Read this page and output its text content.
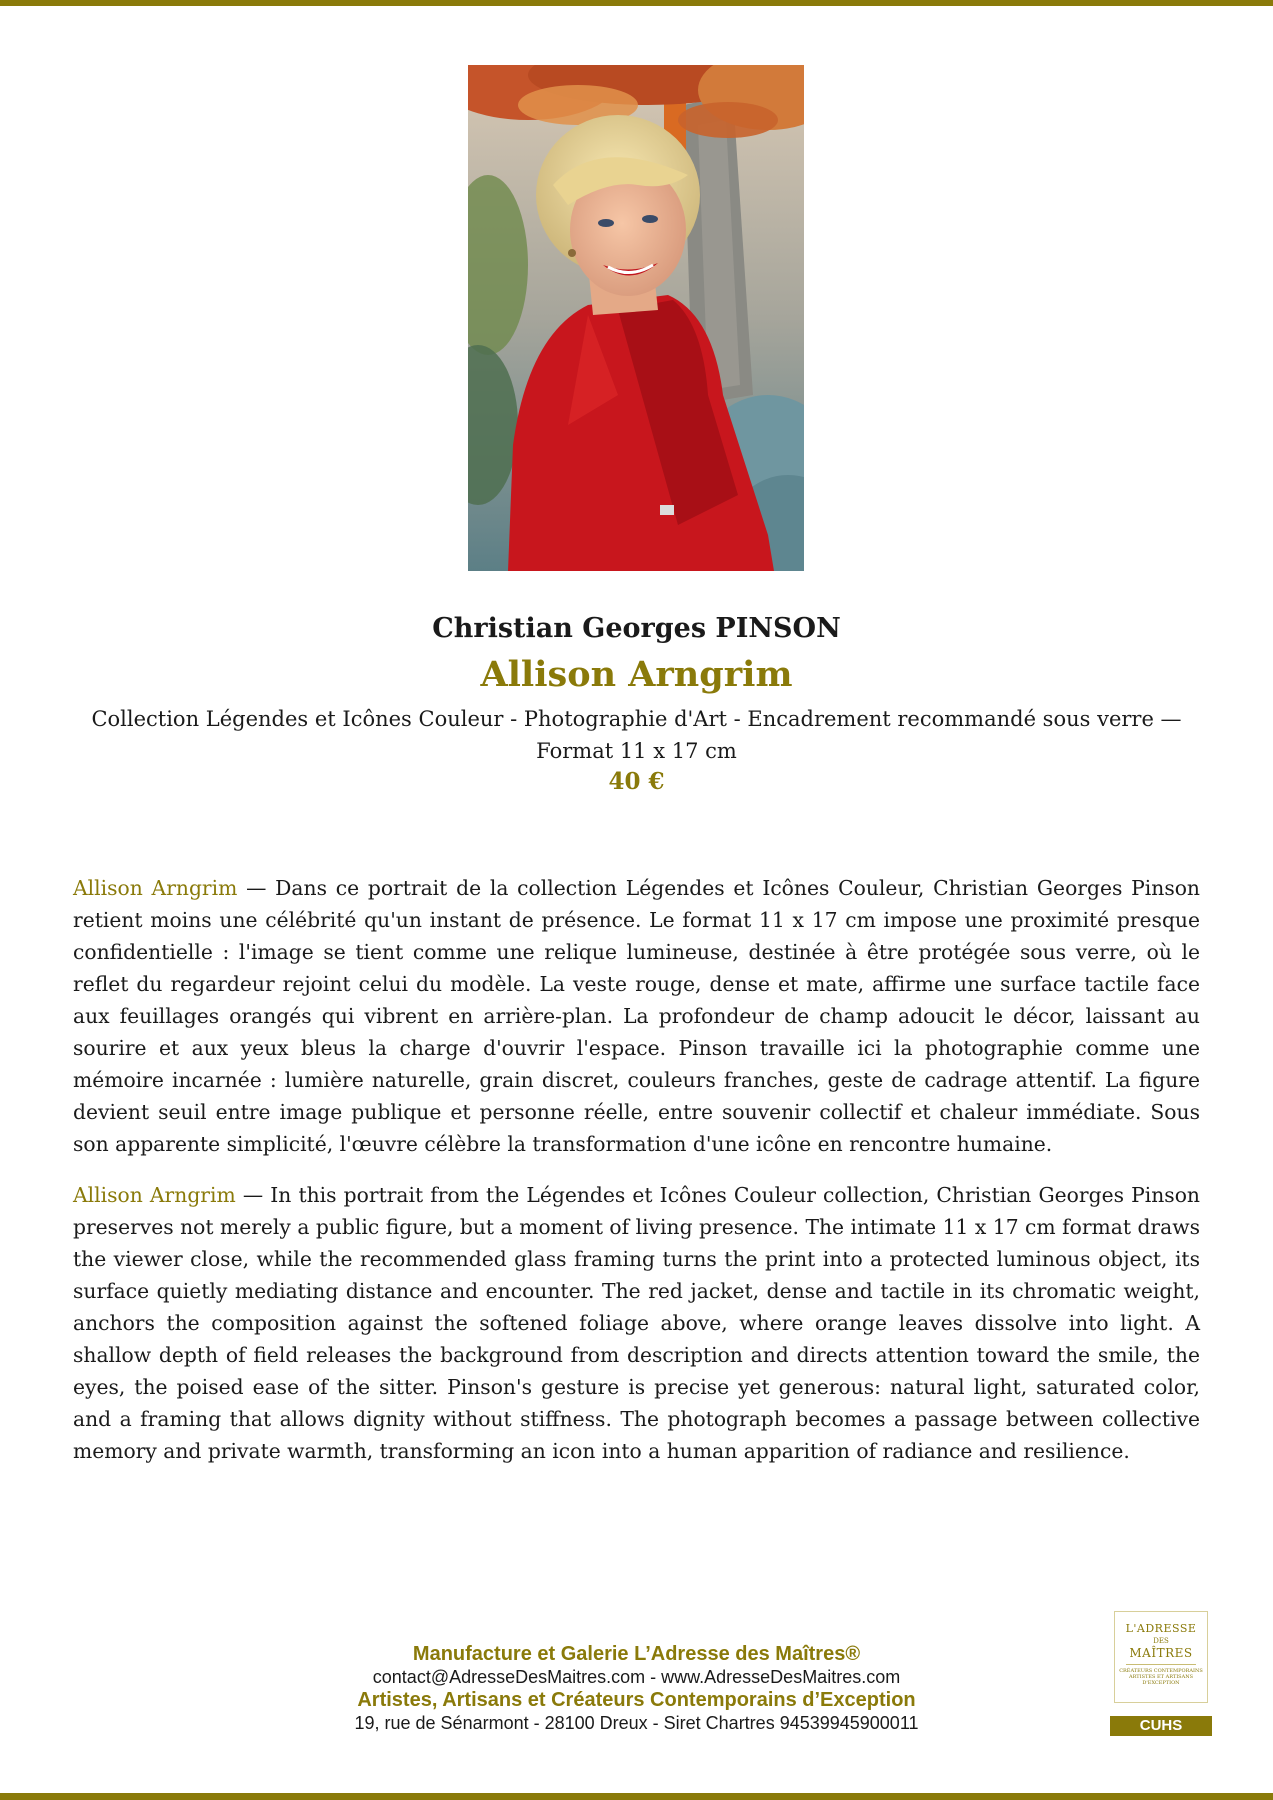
Christian Georges PINSON
Allison Arngrim
Collection Légendes et Icônes Couleur - Photographie d'Art - Encadrement recommandé sous verre — Format 11 x 17 cm
40 €

Allison Arngrim — Dans ce portrait de la collection Légendes et Icônes Couleur, Christian Georges Pinson retient moins une célébrité qu'un instant de présence. Le format 11 x 17 cm impose une proximité presque confidentielle : l'image se tient comme une relique lumineuse, destinée à être protégée sous verre, où le reflet du regardeur rejoint celui du modèle. La veste rouge, dense et mate, affirme une surface tactile face aux feuillages orangés qui vibrent en arrière-plan. La profondeur de champ adoucit le décor, laissant au sourire et aux yeux bleus la charge d'ouvrir l'espace. Pinson travaille ici la photographie comme une mémoire incarnée : lumière naturelle, grain discret, couleurs franches, geste de cadrage attentif. La figure devient seuil entre image publique et personne réelle, entre souvenir collectif et chaleur immédiate. Sous son apparente simplicité, l'œuvre célèbre la transformation d'une icône en rencontre humaine.

Allison Arngrim — In this portrait from the Légendes et Icônes Couleur collection, Christian Georges Pinson preserves not merely a public figure, but a moment of living presence. The intimate 11 x 17 cm format draws the viewer close, while the recommended glass framing turns the print into a protected luminous object, its surface quietly mediating distance and encounter. The red jacket, dense and tactile in its chromatic weight, anchors the composition against the softened foliage above, where orange leaves dissolve into light. A shallow depth of field releases the background from description and directs attention toward the smile, the eyes, the poised ease of the sitter. Pinson's gesture is precise yet generous: natural light, saturated color, and a framing that allows dignity without stiffness. The photograph becomes a passage between collective memory and private warmth, transforming an icon into a human apparition of radiance and resilience.

Manufacture et Galerie L’Adresse des Maîtres®
contact@AdresseDesMaitres.com - www.AdresseDesMaitres.com
Artistes, Artisans et Créateurs Contemporains d’Exception
19, rue de Sénarmont - 28100 Dreux - Siret Chartres 94539945900011
L'ADRESSE
DES
MAÎTRES
CRÉATEURS CONTEMPORAINS ARTISTES ET ARTISANS D'EXCEPTION
CUHS
